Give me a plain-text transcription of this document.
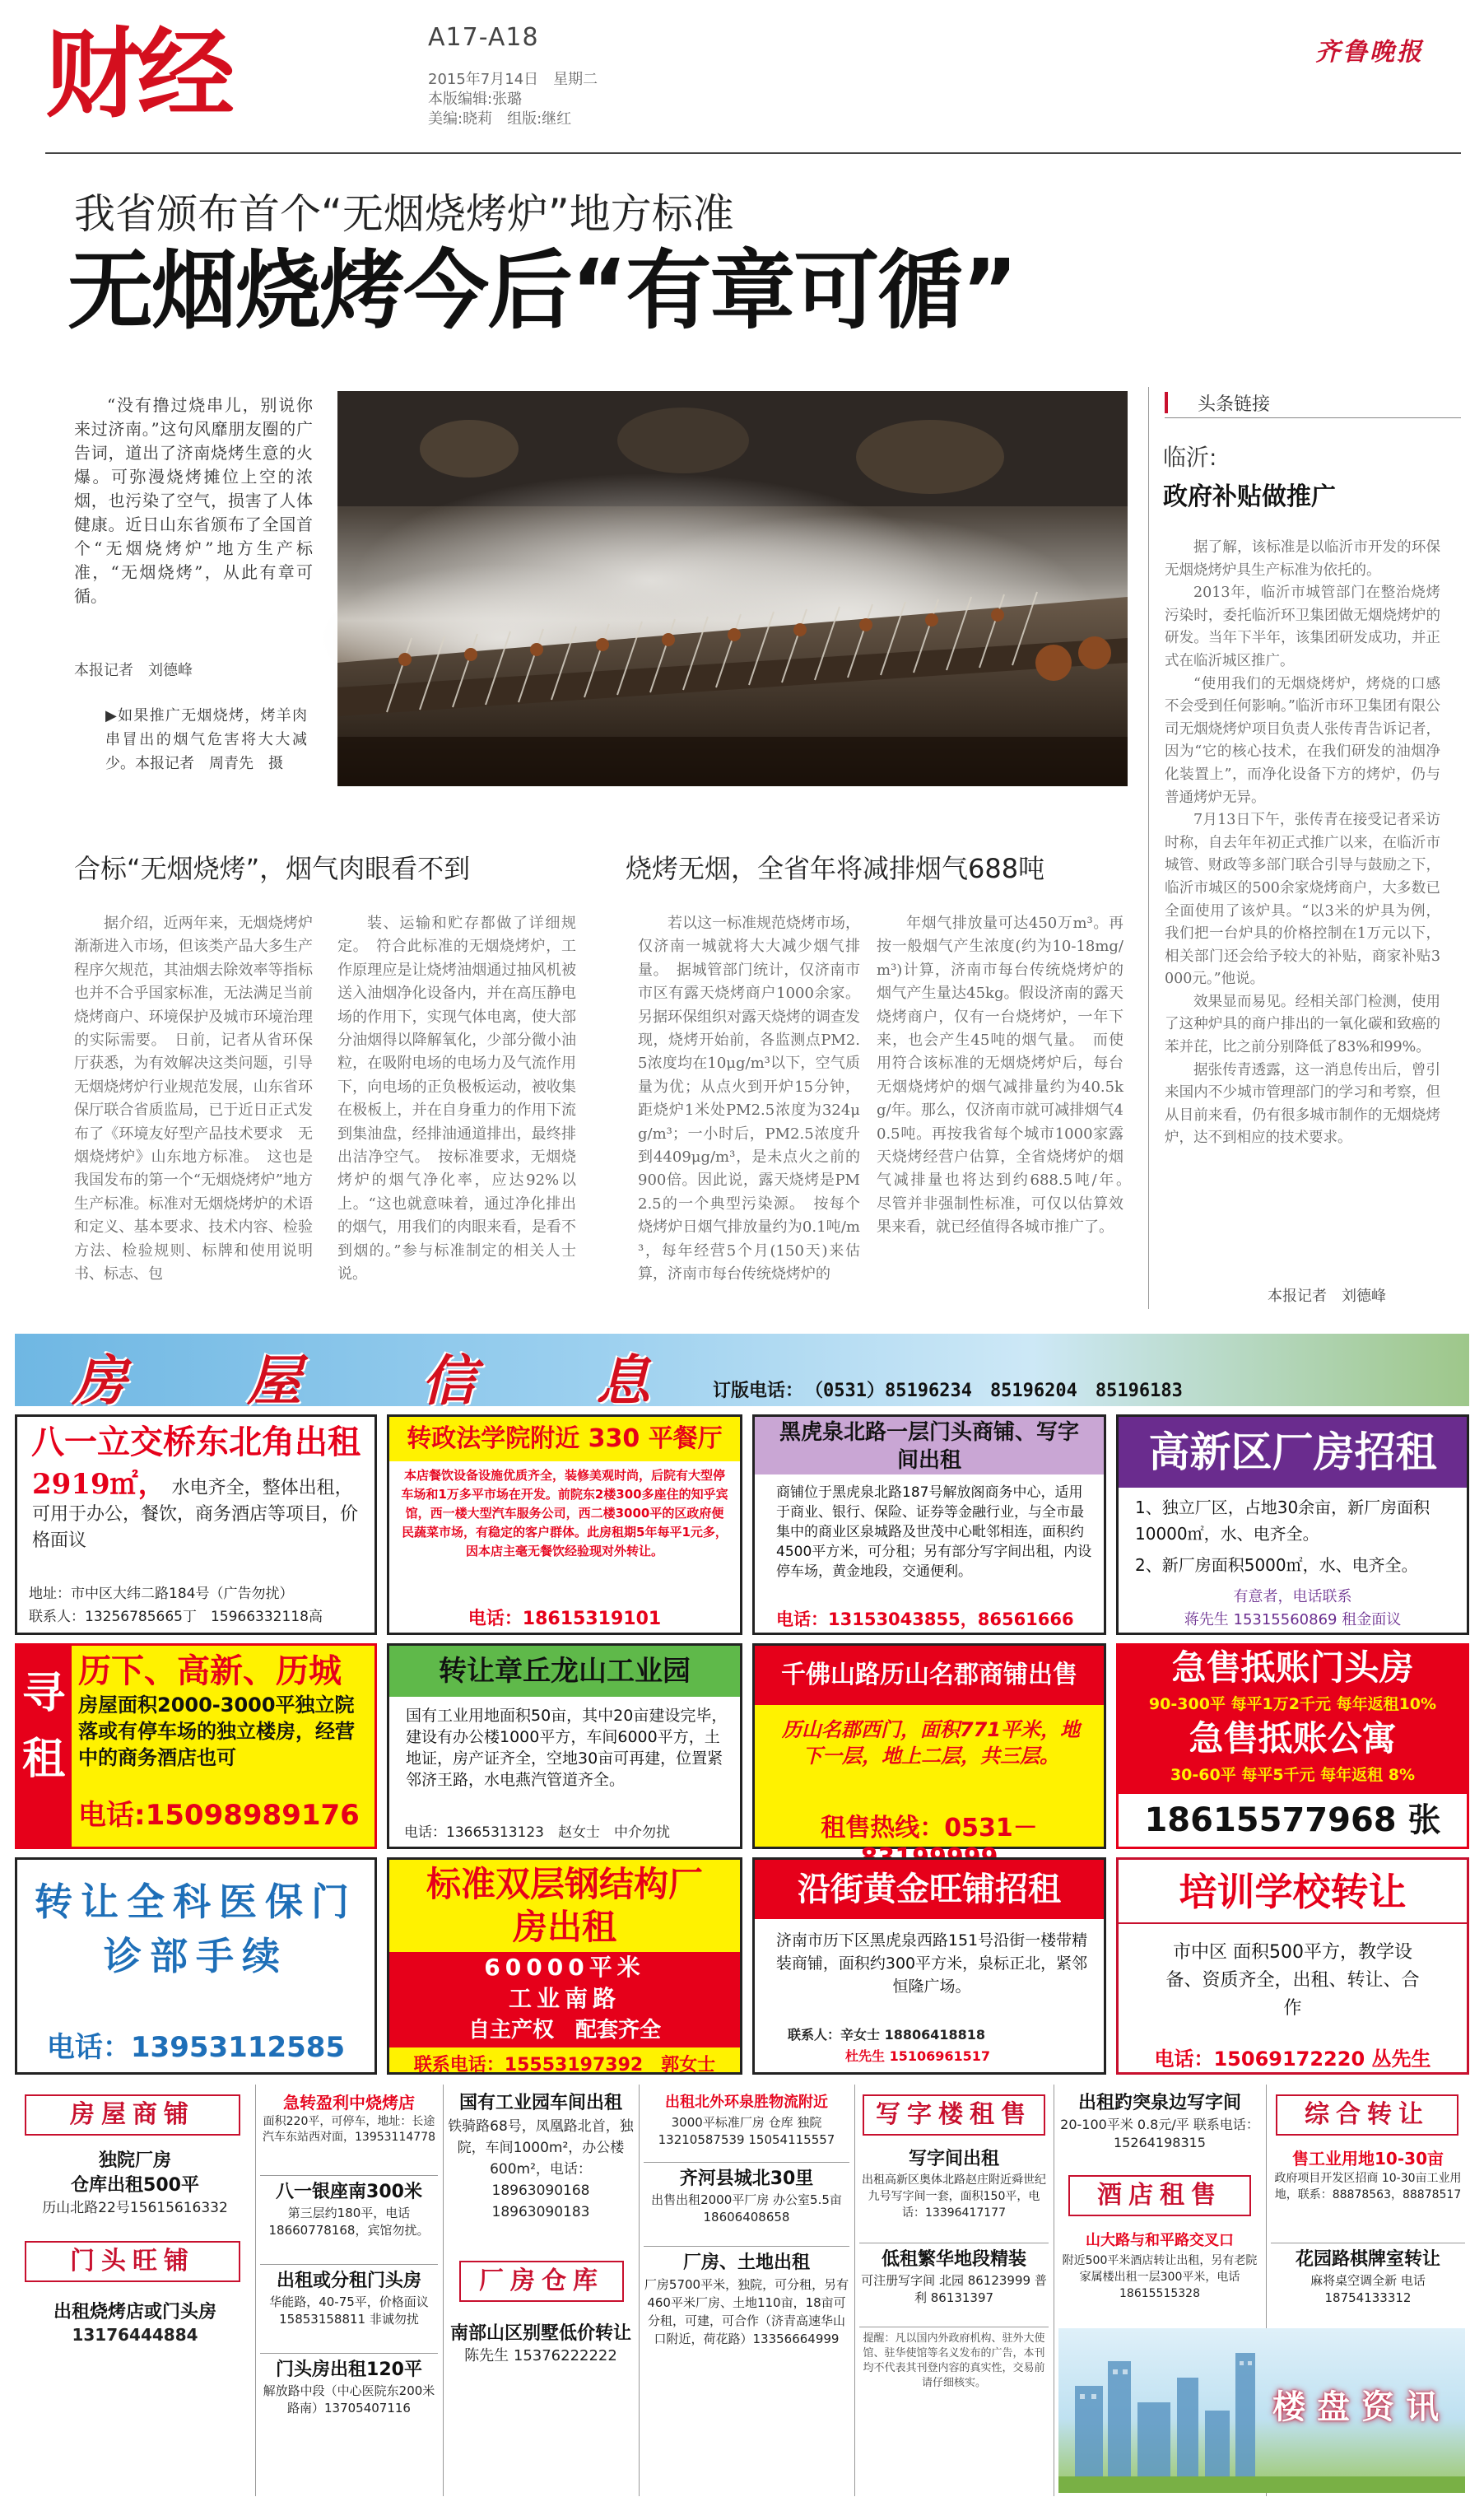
财经	A17-A18
2015年7月14日　星期二
本版编辑:张璐
美编:晓莉　组版:继红
齐鲁晚报
我省颁布首个“无烟烧烤炉”地方标准
无烟烧烤今后“有章可循”
“没有撸过烧串儿，别说你来过济南。”这句风靡朋友圈的广告词，道出了济南烧烤生意的火爆。可弥漫烧烤摊位上空的浓烟，也污染了空气，损害了人体健康。近日山东省颁布了全国首个“无烟烧烤炉”地方生产标准，“无烟烧烤”，从此有章可循。
本报记者　刘德峰
▶如果推广无烟烧烤，烤羊肉串冒出的烟气危害将大大减少。本报记者　周青先　摄
头条链接
临沂:
政府补贴做推广

据了解，该标准是以临沂市开发的环保无烟烧烤炉具生产标准为依托的。

2013年，临沂市城管部门在整治烧烤污染时，委托临沂环卫集团做无烟烧烤炉的研发。当年下半年，该集团研发成功，并正式在临沂城区推广。

“使用我们的无烟烧烤炉，烤烧的口感不会受到任何影响。”临沂市环卫集团有限公司无烟烧烤炉项目负责人张传青告诉记者，因为“它的核心技术，在我们研发的油烟净化装置上”，而净化设备下方的烤炉，仍与普通烤炉无异。

7月13日下午，张传青在接受记者采访时称，自去年年初正式推广以来，在临沂市城管、财政等多部门联合引导与鼓励之下，临沂市城区的500余家烧烤商户，大多数已全面使用了该炉具。“以3米的炉具为例，我们把一台炉具的价格控制在1万元以下，相关部门还会给予较大的补贴，商家补贴3000元。”他说。

效果显而易见。经相关部门检测，使用了这种炉具的商户排出的一氧化碳和致癌的苯并芘，比之前分别降低了83%和99%。

据张传青透露，这一消息传出后，曾引来国内不少城市管理部门的学习和考察，但从目前来看，仍有很多城市制作的无烟烧烤炉，达不到相应的技术要求。

本报记者　刘德峰
合标“无烟烧烤”，烟气肉眼看不到	烧烤无烟，全省年将减排烟气688吨
据介绍，近两年来，无烟烧烤炉渐渐进入市场，但该类产品大多生产程序欠规范，其油烟去除效率等指标也并不合乎国家标准，无法满足当前烧烤商户、环境保护及城市环境治理的实际需要。　日前，记者从省环保厅获悉，为有效解决这类问题，引导无烟烧烤炉行业规范发展，山东省环保厅联合省质监局，已于近日正式发布了《环境友好型产品技术要求　无烟烧烤炉》山东地方标准。　这也是我国发布的第一个“无烟烧烤炉”地方生产标准。标准对无烟烧烤炉的术语和定义、基本要求、技术内容、检验方法、检验规则、标牌和使用说明书、标志、包
装、运输和贮存都做了详细规定。　符合此标准的无烟烧烤炉，工作原理应是让烧烤油烟通过抽风机被送入油烟净化设备内，并在高压静电场的作用下，实现气体电离，使大部分油烟得以降解氧化，少部分微小油粒，在吸附电场的电场力及气流作用下，向电场的正负极板运动，被收集在极板上，并在自身重力的作用下流到集油盘，经排油通道排出，最终排出洁净空气。　按标准要求，无烟烧烤炉的烟气净化率，应达92%以上。“这也就意味着，通过净化排出的烟气，用我们的肉眼来看，是看不到烟的。”参与标准制定的相关人士说。
若以这一标准规范烧烤市场，仅济南一城就将大大减少烟气排量。　据城管部门统计，仅济南市市区有露天烧烤商户1000余家。另据环保组织对露天烧烤的调查发现，烧烤开始前，各监测点PM2.5浓度均在10μg/m³以下，空气质量为优；从点火到开炉15分钟，距烧炉1米处PM2.5浓度为324μg/m³；一小时后，PM2.5浓度升到4409μg/m³，是未点火之前的900倍。因此说，露天烧烤是PM2.5的一个典型污染源。　按每个烧烤炉日烟气排放量约为0.1吨/m³，每年经营5个月(150天)来估算，济南市每台传统烧烤炉的
年烟气排放量可达450万m³。再按一般烟气产生浓度(约为10-18mg/m³)计算，济南市每台传统烧烤炉的烟气产生量达45kg。假设济南的露天烧烤商户，仅有一台烧烤炉，一年下来，也会产生45吨的烟气量。　而使用符合该标准的无烟烧烤炉后，每台无烟烧烤炉的烟气减排量约为40.5kg/年。那么，仅济南市就可减排烟气40.5吨。再按我省每个城市1000家露天烧烤经营户估算，全省烧烤炉的烟气减排量也将达到约688.5吨/年。　尽管并非强制性标准，可仅以估算效果来看，就已经值得各城市推广了。
房　屋　信　息 订版电话： （0531）85196234　85196204　85196183
八一立交桥东北角出租
2919㎡， 水电齐全，整体出租，可用于办公，餐饮，商务酒店等项目，价格面议
地址：市中区大纬二路184号（广告勿扰）
联系人：13256785665丁　15966332118高
转政法学院附近 330 平餐厅
本店餐饮设备设施优质齐全，装修美观时尚，后院有大型停车场和1万多平市场在开发。前院东2楼300多座住的知乎宾馆，西一楼大型汽车服务公司，西二楼3000平的区政府便民蔬菜市场，有稳定的客户群体。此房租期5年每平1元多，因本店主毫无餐饮经验现对外转让。
电话：18615319101
黑虎泉北路一层门头商铺、写字间出租
商铺位于黑虎泉北路187号解放阁商务中心，适用于商业、银行、保险、证券等金融行业，与全市最集中的商业区泉城路及世茂中心毗邻相连，面积约4500平方米，可分租；另有部分写字间出租，内设停车场，黄金地段，交通便利。
电话：13153043855，86561666
高新区厂房招租
1、独立厂区，占地30余亩，新厂房面积10000㎡，水、电齐全。
2、新厂房面积5000㎡，水、电齐全。
有意者，电话联系
蒋先生 15315560869 租金面议
寻租
历下、高新、历城
房屋面积2000-3000平独立院落或有停车场的独立楼房，经营中的商务酒店也可
电话:15098989176
转让章丘龙山工业园
国有工业用地面积50亩，其中20亩建设完毕，建设有办公楼1000平方，车间6000平方，土地证，房产证齐全，空地30亩可再建，位置紧邻济王路，水电燕汽管道齐全。
电话：13665313123　赵女士　中介勿扰
千佛山路历山名郡商铺出售
历山名郡西门，面积771平米，地下一层，地上二层，共三层。
租售热线：0531－
急售抵账门头房
90-300平 每平1万2千元 每年返租10%
急售抵账公寓
30-60平 每平5千元 每年返租 8%
18615577968 张
转让全科医保门诊部手续
电话：13953112585
标准双层钢结构厂房出租
60000平米
工业南路
自主产权　配套齐全
联系电话：15553197392　郭女士
沿街黄金旺铺招租
济南市历下区黑虎泉西路151号沿街一楼带精装商铺，面积约300平方米，泉标正北，紧邻恒隆广场。
联系人：辛女士 18806418818
杜先生 15106961517
培训学校转让
市中区 面积500平方，教学设备、资质齐全，出租、转让、合作
电话：15069172220 丛先生
房屋商铺
独院厂房
仓库出租500平
历山北路22号15615616332
门头旺铺
出租烧烤店或门头房
13176444884
急转盈利中烧烤店
面积220平，可停车，地址：长途汽车东站西对面，13953114778
八一银座南300米
第三层约180平，电话18660778168，宾馆勿扰。
出租或分租门头房
华能路，40-75平，价格面议 15853158811 非诚勿扰
门头房出租120平
解放路中段（中心医院东200米路南）13705407116
国有工业园车间出租
铁骑路68号，凤凰路北首，独院，车间1000m²，办公楼600m²，电话：18963090168 18963090183
厂房仓库
南部山区别墅低价转让
陈先生 15376222222
出租北外环泉胜物流附近
3000平标准厂房 仓库 独院 13210587539 15054115557
齐河县城北30里
出售出租2000平厂房 办公室5.5亩 18606408658
厂房、土地出租
厂房5700平米，独院，可分租，另有460平米厂房、土地110亩，18亩可分租，可建，可合作（济青高速华山口附近，荷花路）13356664999
写字楼租售
写字间出租
出租高新区奥体北路赵庄附近舜世纪九号写字间一套，面积150平，电话：13396417177
低租繁华地段精装
可注册写字间 北园 86123999 普利 86131397
提醒：凡以国内外政府机构、驻外大使馆、驻华使馆等名义发布的广告，本刊均不代表其刊登内容的真实性，交易前请仔细核实。
出租趵突泉边写字间
20-100平米 0.8元/平 联系电话：15264198315
酒店租售
山大路与和平路交叉口
附近500平米酒店转让出租，另有老院家属楼出租一层300平米，电话18615515328
综合转让
售工业用地10-30亩
政府项目开发区招商 10-30亩工业用地，联系：88878563，88878517
花园路棋牌室转让
麻将桌空调全新 电话18754133312
楼盘资讯
